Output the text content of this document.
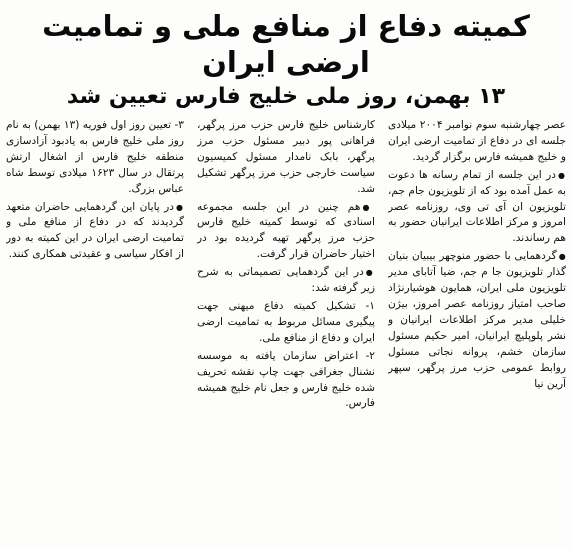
کمیته دفاع از منافع ملی و تمامیت ارضی ایران
۱۳ بهمن، روز ملی خلیج فارس تعیین شد

عصر چهارشنبه سوم نوامبر ۲۰۰۴ میلادی جلسه ای در دفاع از تمامیت ارضی ایران و خلیج همیشه فارس برگزار گردید.

● در این جلسه از تمام رسانه ها دعوت به عمل آمده بود که از تلویزیون جام جم، تلویزیون ان آی تی وی، روزنامه عصر امروز و مرکز اطلاعات ایرانیان حضور به هم رساندند.

● گردهمایی با حضور منوچهر بیبیان بنیان گذار تلویزیون جا م جم، ضیا آتابای مدیر تلویزیون ملی ایران، همایون هوشیارنژاد صاحب امتیاز روزنامه عصر امروز، بیژن خلیلی مدیر مرکز اطلاعات ایرانیان و نشر پلوپلیچ ایرانیان، امیر حکیم مسئول سازمان خشم، پروانه نجاتی مسئول روابط عمومی حزب مرز پرگهر، سپهر آرین نیا

کارشناس خلیج فارس حزب مرز پرگهر، فراهانی پور دبیر مسئول حزب مرز پرگهر، بابک نامدار مسئول کمیسیون سیاست خارجی حزب مرز پرگهر تشکیل شد.

● هم چنین در این جلسه مجموعه اسنادی که توسط کمیته خلیج فارس حزب مرز پرگهر تهیه گردیده بود در اختیار حاضران قرار گرفت.

● در این گردهمایی تصمیماتی به شرح زیر گرفته شد:

۱- تشکیل کمیته دفاع میهنی جهت پیگیری مسائل مربوط به تمامیت ارضی ایران و دفاع از منافع ملی.

۲- اعتراض سازمان یافته به موسسه نشنال جغرافی جهت چاپ نقشه تحریف شده خلیج فارس و جعل نام خلیج همیشه فارس.

۳- تعیین روز اول فوریه (۱۳ بهمن) به نام روز ملی خلیج فارس به یادبود آزادسازی منطقه خلیج فارس از اشغال ارتش پرتقال در سال ۱۶۲۳ میلادی توسط شاه عباس بزرگ.

● در پایان این گردهمایی حاضران متعهد گردیدند که در دفاع از منافع ملی و تمامیت ارضی ایران در این کمیته به دور از افکار سیاسی و عقیدتی همکاری کنند.
